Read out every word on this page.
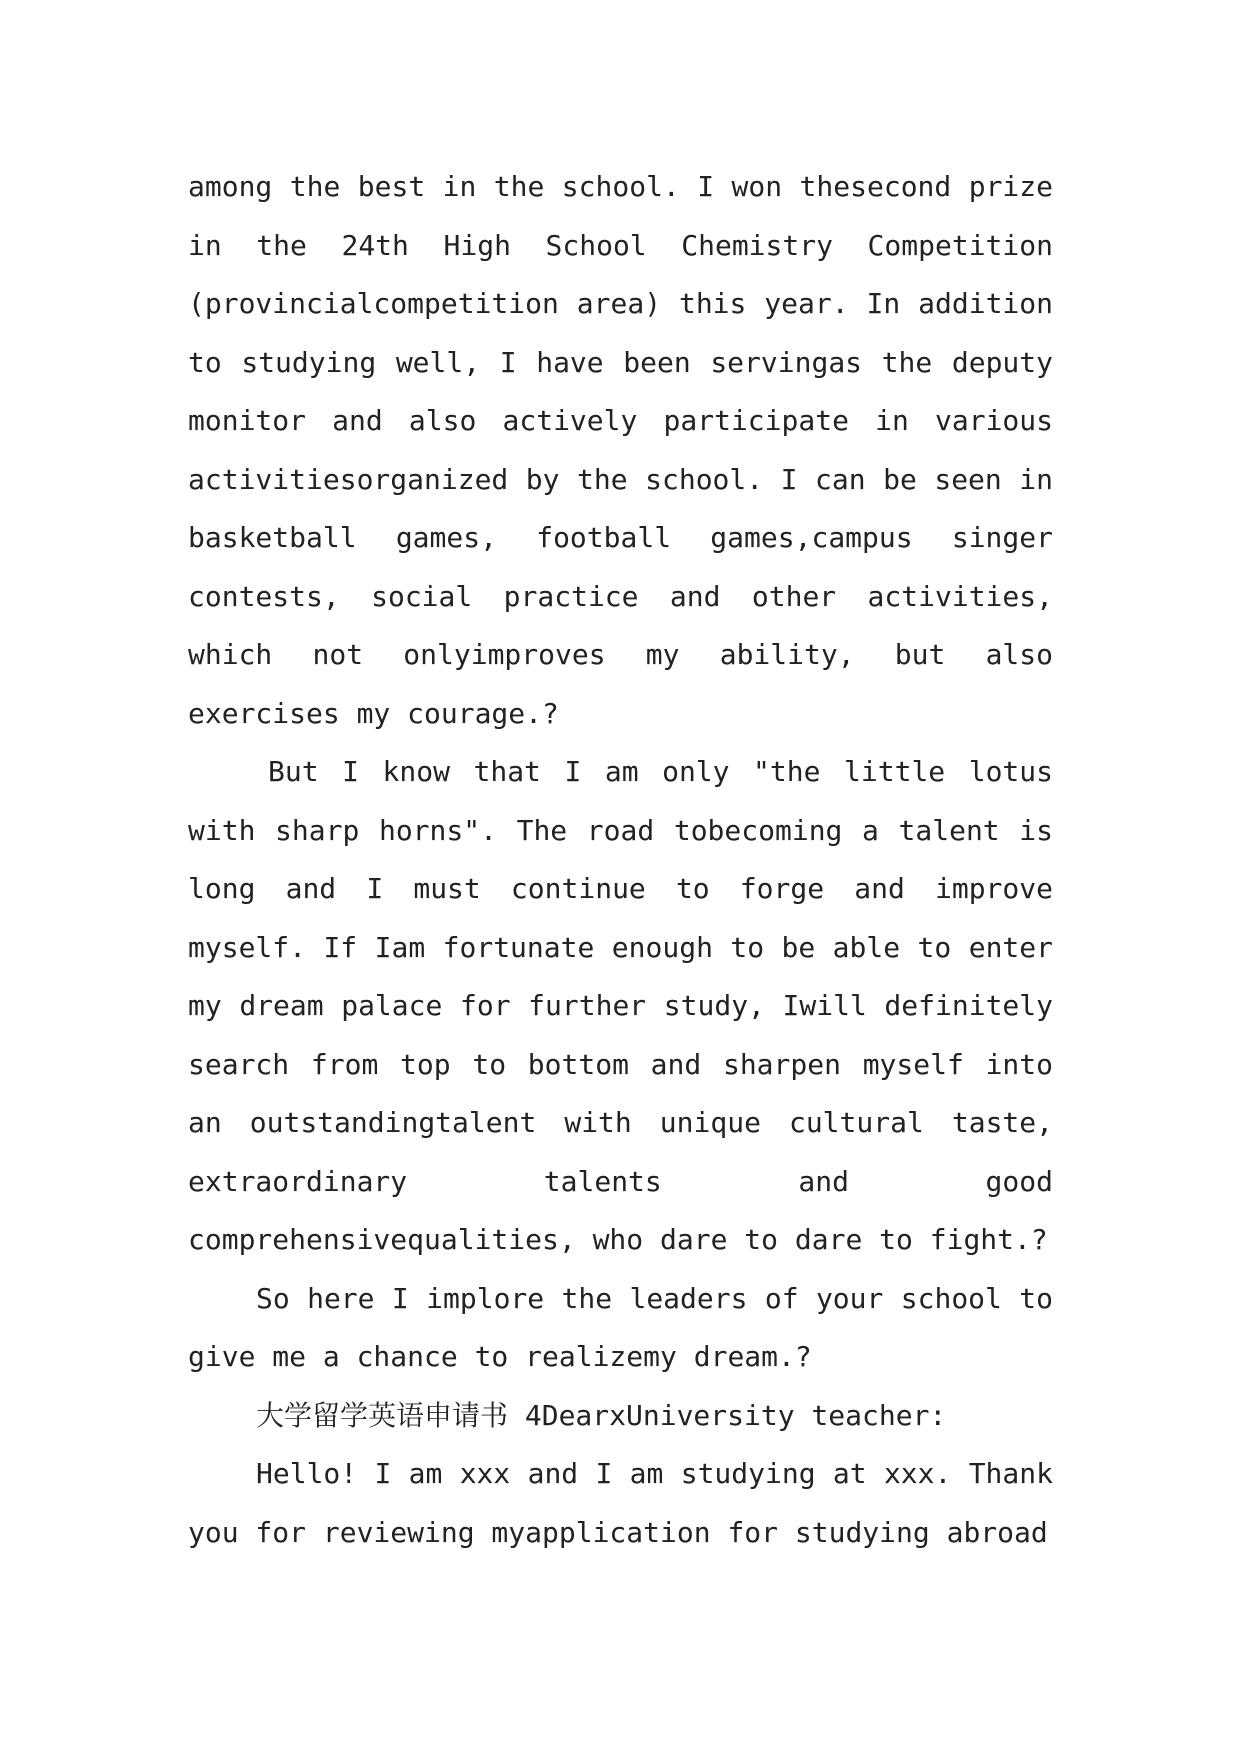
among the best in the school. I won thesecond prize in the 24th High School Chemistry Competition (provincialcompetition area) this year. In addition to studying well, I have been servingas the deputy monitor and also actively participate in various activitiesorganized by the school. I can be seen in basketball games, football games,campus singer contests, social practice and other activities, which not onlyimproves my ability, but also exercises my courage.?

But I know that I am only "the little lotus with sharp horns". The road tobecoming a talent is long and I must continue to forge and improve myself. If Iam fortunate enough to be able to enter my dream palace for further study, Iwill definitely search from top to bottom and sharpen myself into an outstandingtalent with unique cultural taste, extraordinary talents and good comprehensivequalities, who dare to dare to fight.?

So here I implore the leaders of your school to give me a chance to realizemy dream.?

大学留学英语申请书 4DearxUniversity teacher:

Hello! I am xxx and I am studying at xxx. Thank you for reviewing myapplication for studying abroad
